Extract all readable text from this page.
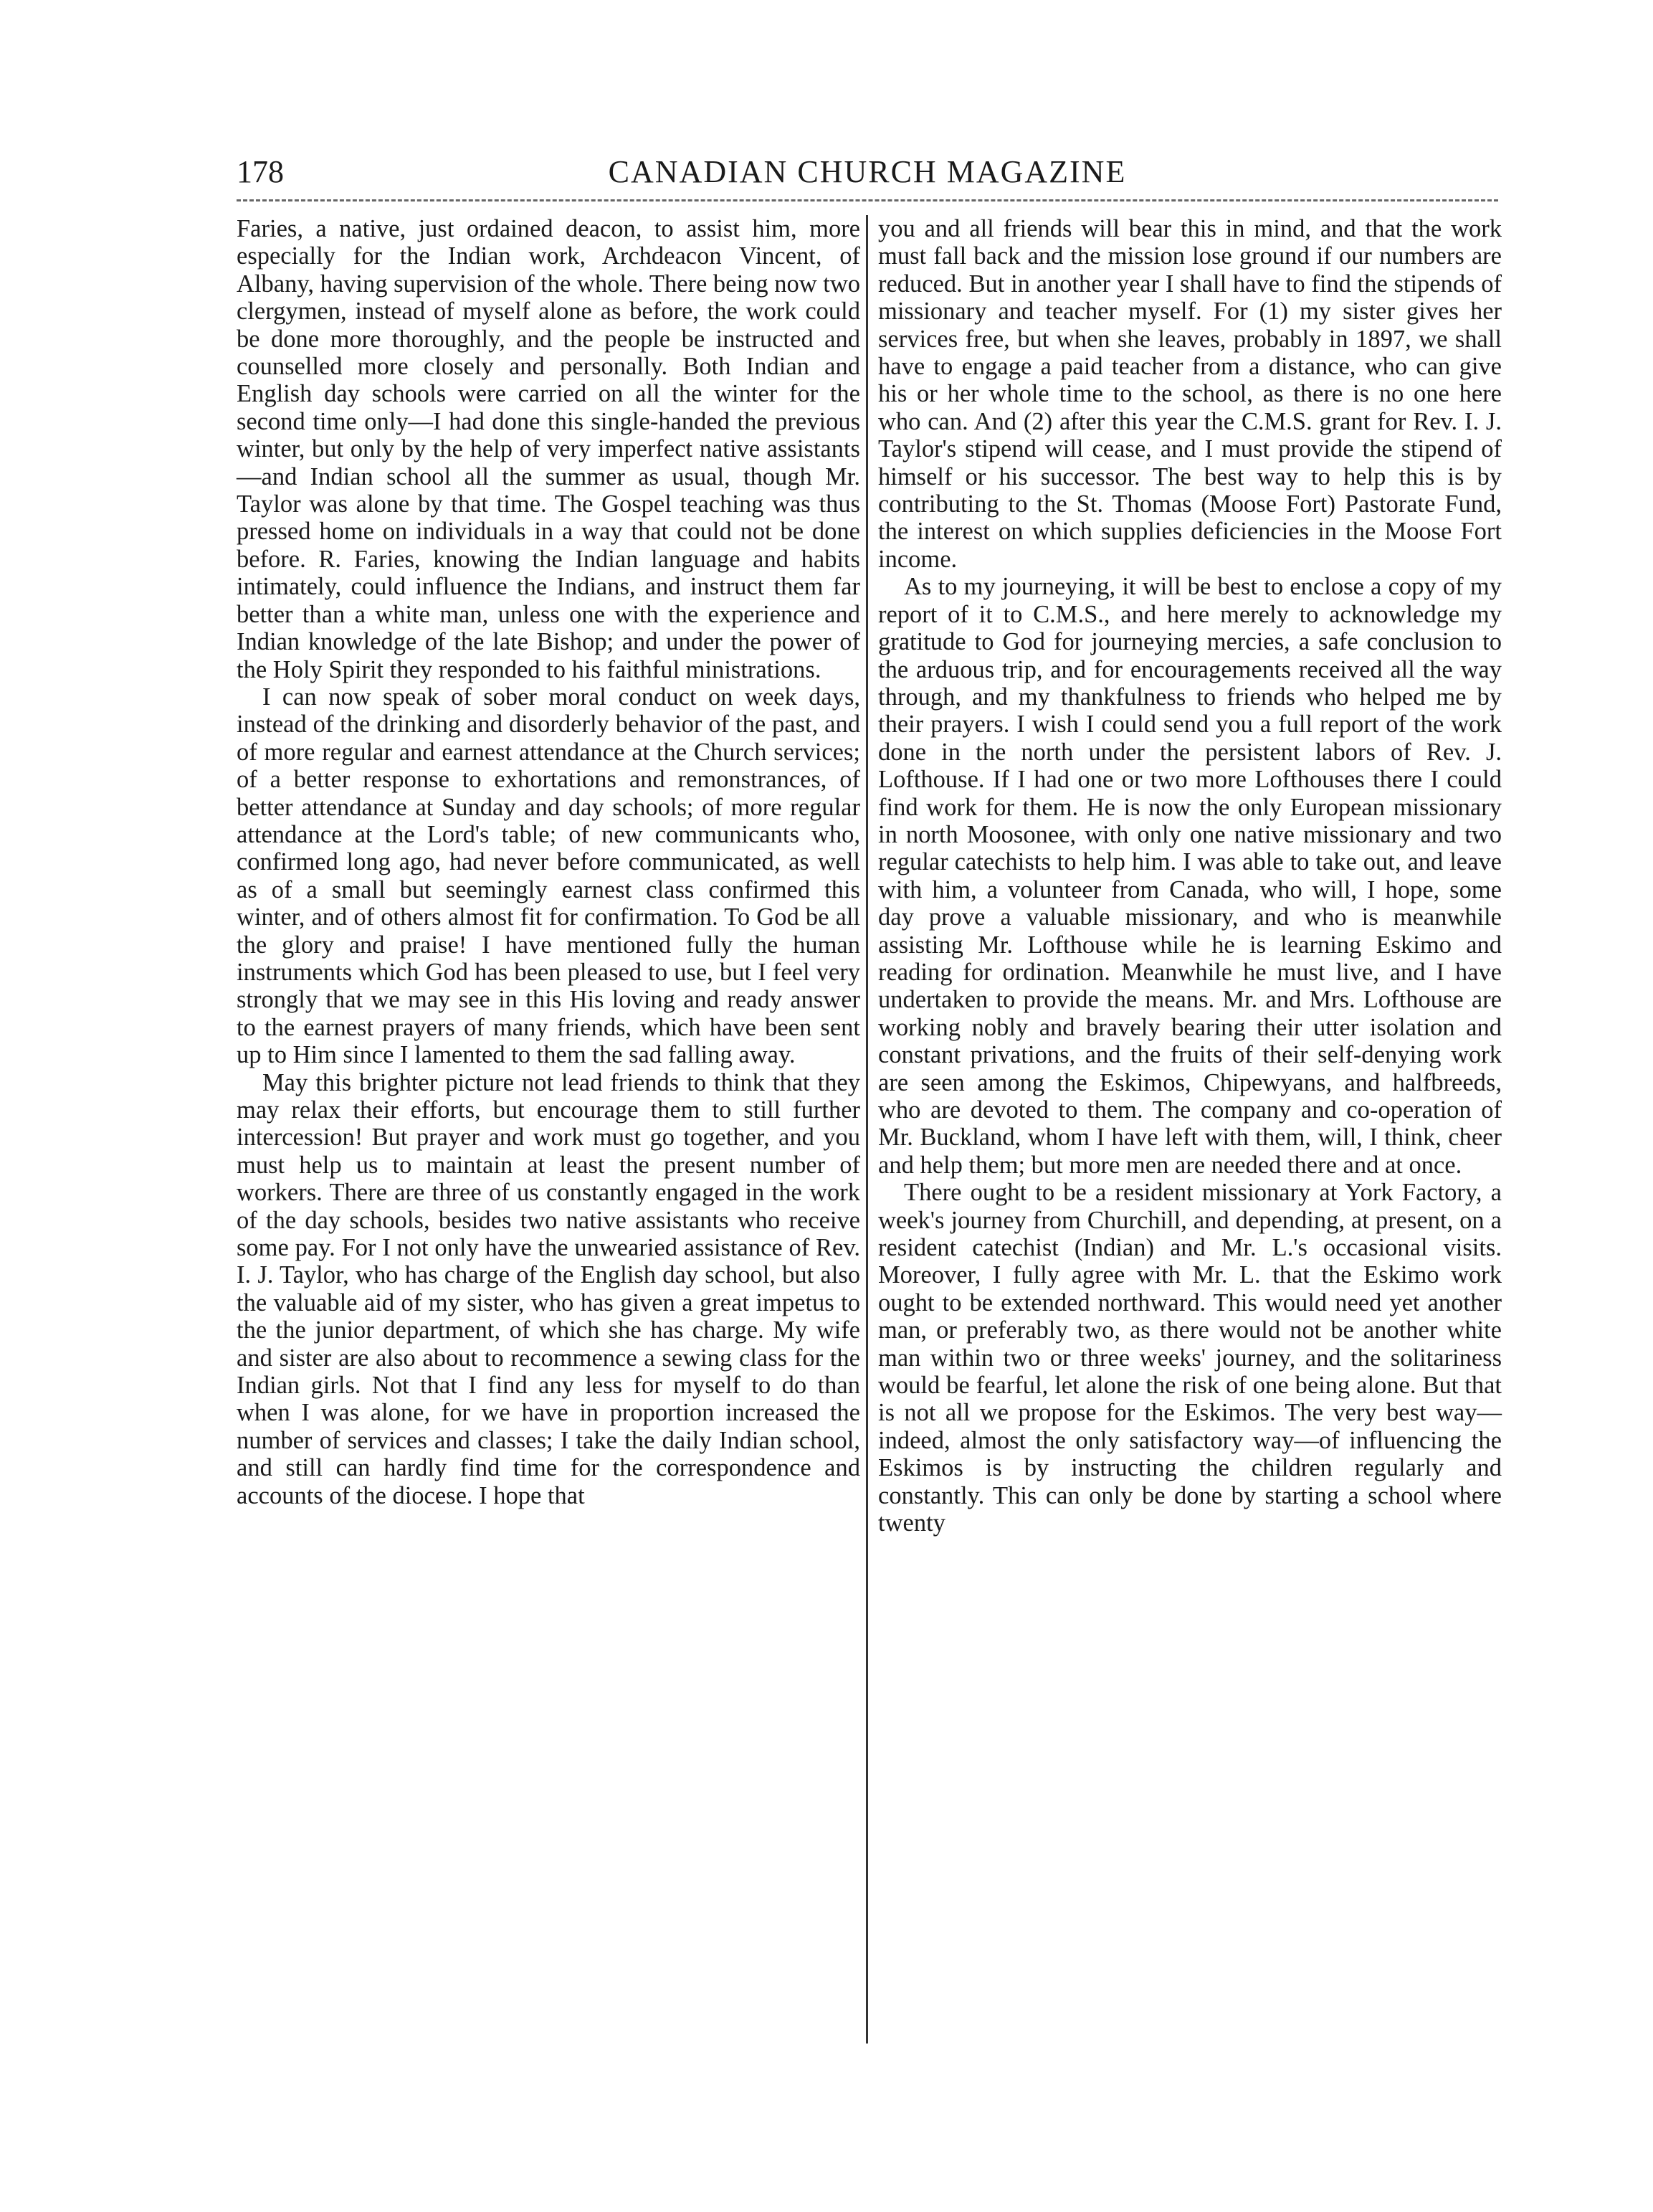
178	CANADIAN CHURCH MAGAZINE

Faries, a native, just ordained deacon, to assist him, more especially for the Indian work, Archdeacon Vincent, of Albany, having supervision of the whole. There being now two clergymen, instead of myself alone as before, the work could be done more thoroughly, and the people be instructed and counselled more closely and personally. Both Indian and English day schools were carried on all the winter for the second time only—I had done this single-handed the previous winter, but only by the help of very imperfect native assistants—and Indian school all the summer as usual, though Mr. Taylor was alone by that time. The Gospel teaching was thus pressed home on individuals in a way that could not be done before. R. Faries, knowing the Indian language and habits intimately, could influence the Indians, and instruct them far better than a white man, unless one with the experience and Indian knowledge of the late Bishop; and under the power of the Holy Spirit they responded to his faithful ministrations.

I can now speak of sober moral conduct on week days, instead of the drinking and disorderly behavior of the past, and of more regular and earnest attendance at the Church services; of a better response to exhortations and remonstrances, of better attendance at Sunday and day schools; of more regular attendance at the Lord's table; of new communicants who, confirmed long ago, had never before communicated, as well as of a small but seemingly earnest class confirmed this winter, and of others almost fit for confirmation. To God be all the glory and praise! I have mentioned fully the human instruments which God has been pleased to use, but I feel very strongly that we may see in this His loving and ready answer to the earnest prayers of many friends, which have been sent up to Him since I lamented to them the sad falling away.

May this brighter picture not lead friends to think that they may relax their efforts, but encourage them to still further intercession! But prayer and work must go together, and you must help us to maintain at least the present number of workers. There are three of us constantly engaged in the work of the day schools, besides two native assistants who receive some pay. For I not only have the unwearied assistance of Rev. I. J. Taylor, who has charge of the English day school, but also the valuable aid of my sister, who has given a great impetus to the the junior department, of which she has charge. My wife and sister are also about to recommence a sewing class for the Indian girls. Not that I find any less for myself to do than when I was alone, for we have in proportion increased the number of services and classes; I take the daily Indian school, and still can hardly find time for the correspondence and accounts of the diocese. I hope that

you and all friends will bear this in mind, and that the work must fall back and the mission lose ground if our numbers are reduced. But in another year I shall have to find the stipends of missionary and teacher myself. For (1) my sister gives her services free, but when she leaves, probably in 1897, we shall have to engage a paid teacher from a distance, who can give his or her whole time to the school, as there is no one here who can. And (2) after this year the C.M.S. grant for Rev. I. J. Taylor's stipend will cease, and I must provide the stipend of himself or his successor. The best way to help this is by contributing to the St. Thomas (Moose Fort) Pastorate Fund, the interest on which supplies deficiencies in the Moose Fort income.

As to my journeying, it will be best to enclose a copy of my report of it to C.M.S., and here merely to acknowledge my gratitude to God for journeying mercies, a safe conclusion to the arduous trip, and for encouragements received all the way through, and my thankfulness to friends who helped me by their prayers. I wish I could send you a full report of the work done in the north under the persistent labors of Rev. J. Lofthouse. If I had one or two more Lofthouses there I could find work for them. He is now the only European missionary in north Moosonee, with only one native missionary and two regular catechists to help him. I was able to take out, and leave with him, a volunteer from Canada, who will, I hope, some day prove a valuable missionary, and who is meanwhile assisting Mr. Lofthouse while he is learning Eskimo and reading for ordination. Meanwhile he must live, and I have undertaken to provide the means. Mr. and Mrs. Lofthouse are working nobly and bravely bearing their utter isolation and constant privations, and the fruits of their self-denying work are seen among the Eskimos, Chipewyans, and halfbreeds, who are devoted to them. The company and co-operation of Mr. Buckland, whom I have left with them, will, I think, cheer and help them; but more men are needed there and at once.

There ought to be a resident missionary at York Factory, a week's journey from Churchill, and depending, at present, on a resident catechist (Indian) and Mr. L.'s occasional visits. Moreover, I fully agree with Mr. L. that the Eskimo work ought to be extended northward. This would need yet another man, or preferably two, as there would not be another white man within two or three weeks' journey, and the solitariness would be fearful, let alone the risk of one being alone. But that is not all we propose for the Eskimos. The very best way—indeed, almost the only satisfactory way—of influencing the Eskimos is by instructing the children regularly and constantly. This can only be done by starting a school where twenty
